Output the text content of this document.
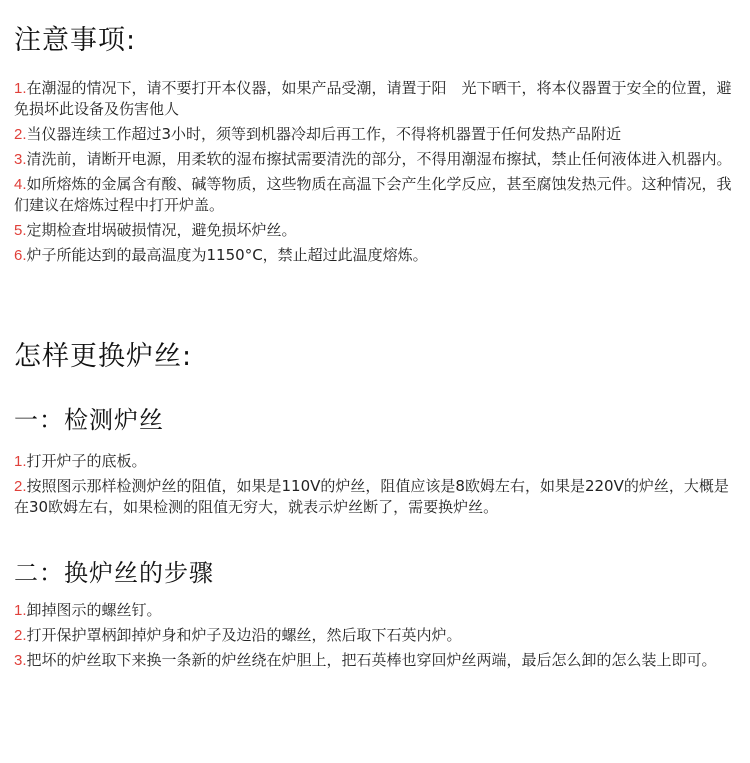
注意事项:
1.在潮湿的情况下，请不要打开本仪器，如果产品受潮，请置于阳　光下晒干，将本仪器置于安全的位置，避免损坏此设备及伤害他人
2.当仪器连续工作超过3小时，须等到机器冷却后再工作，不得将机器置于任何发热产品附近
3.清洗前，请断开电源，用柔软的湿布擦拭需要清洗的部分，不得用潮湿布擦拭，禁止任何液体进入机器内。
4.如所熔炼的金属含有酸、碱等物质，这些物质在高温下会产生化学反应，甚至腐蚀发热元件。这种情况，我们建议在熔炼过程中打开炉盖。
5.定期检查坩埚破损情况，避免损坏炉丝。
6.炉子所能达到的最高温度为1150°C，禁止超过此温度熔炼。
怎样更换炉丝:
一：检测炉丝
1.打开炉子的底板。
2.按照图示那样检测炉丝的阻值，如果是110V的炉丝，阻值应该是8欧姆左右，如果是220V的炉丝，大概是在30欧姆左右，如果检测的阻值无穷大，就表示炉丝断了，需要换炉丝。
二：换炉丝的步骤
1.卸掉图示的螺丝钉。
2.打开保护罩柄卸掉炉身和炉子及边沿的螺丝，然后取下石英内炉。
3.把坏的炉丝取下来换一条新的炉丝绕在炉胆上，把石英棒也穿回炉丝两端，最后怎么卸的怎么装上即可。
